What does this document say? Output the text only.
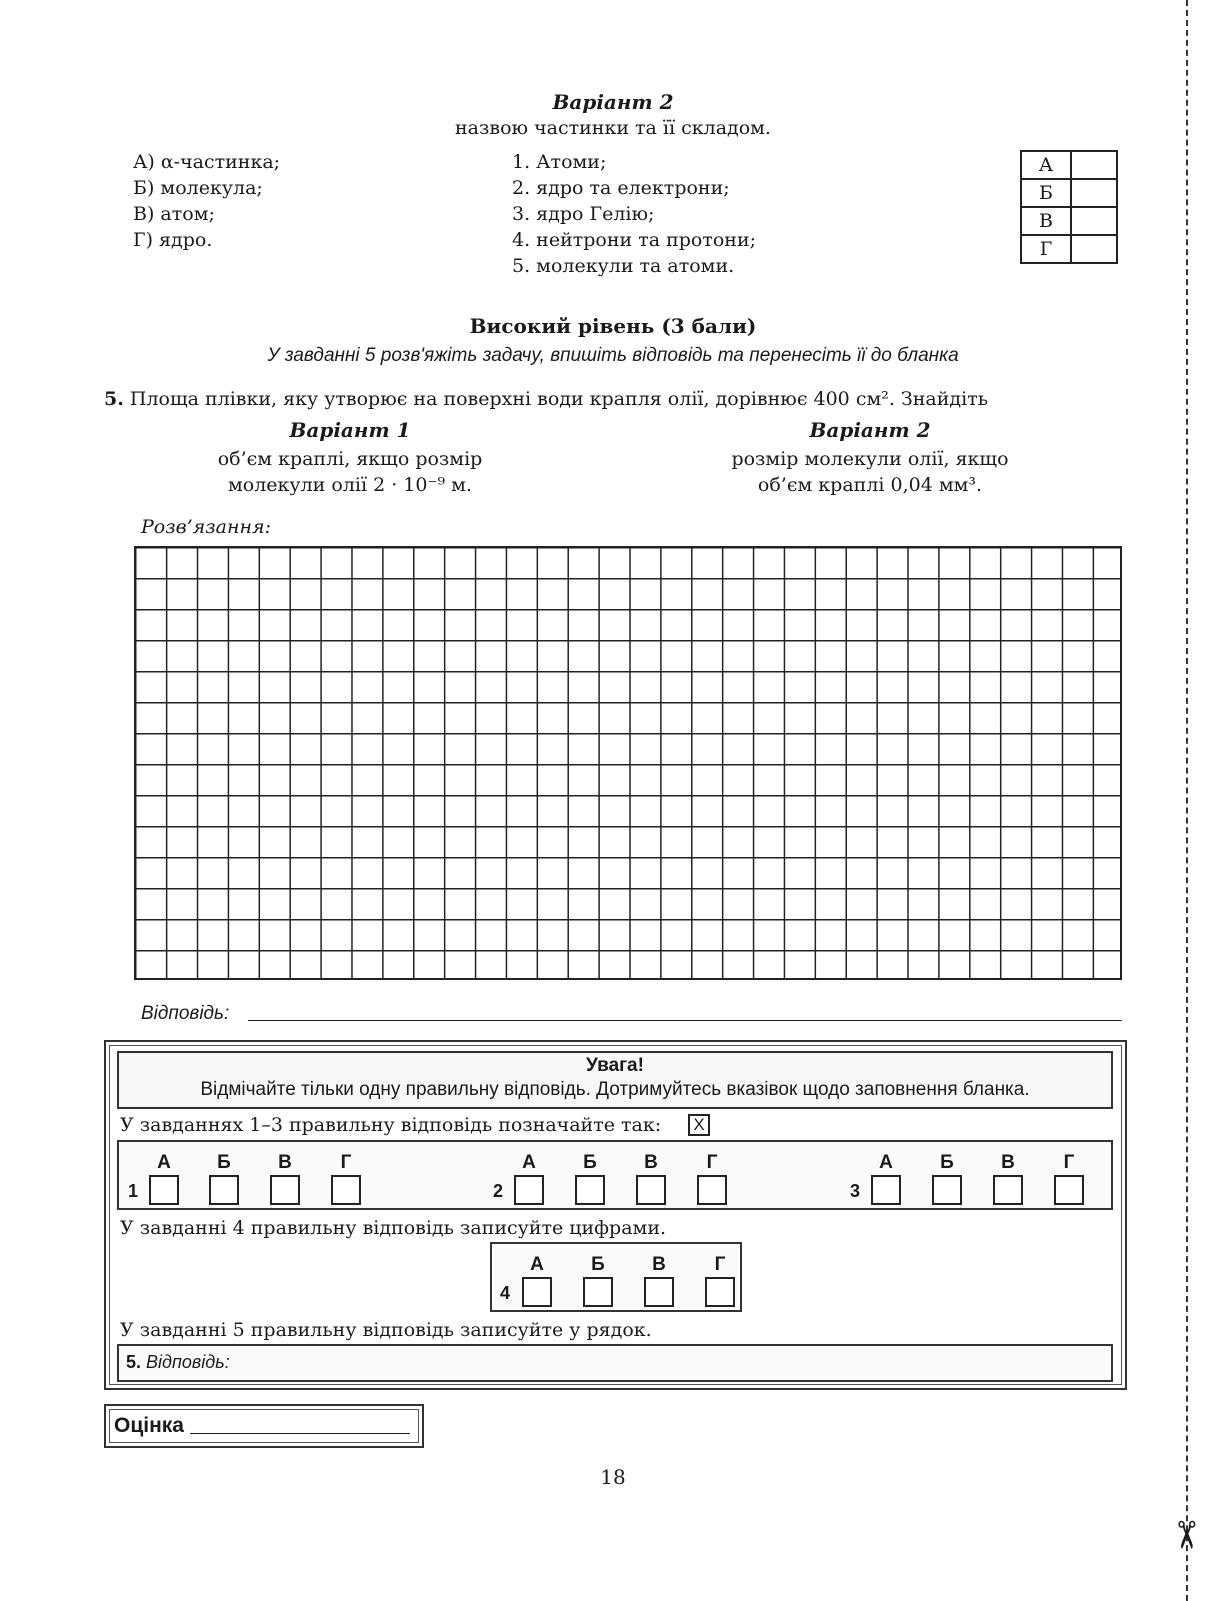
✂
Варіант 2
назвою частинки та її складом.
А) α-частинка;
Б) молекула;
В) атом;
Г) ядро.
1. Атоми;
2. ядро та електрони;
3. ядро Гелію;
4. нейтрони та протони;
5. молекули та атоми.
А	
Б	
В	
Г	
Високий рівень (3 бали)
У завданні 5 розв'яжіть задачу, впишіть відповідь та перенесіть її до бланка
5. Площа плівки, яку утворює на поверхні води крапля олії, дорівнює 400 см². Знайдіть
Варіант 1
об’єм краплі, якщо розмір
молекули олії 2 · 10⁻⁹ м.
Варіант 2
розмір молекули олії, якщо
об’єм краплі 0,04 мм³.
Розв’язання:
Відповідь:
Увага!
Відмічайте тільки одну правильну відповідь. Дотримуйтесь вказівок щодо заповнення бланка.
У завданнях 1–3 правильну відповідь позначайте так:	X
1
А	Б	В	Г
2
А	Б	В	Г
3
А	Б	В	Г
У завданні 4 правильну відповідь записуйте цифрами.
4
А	Б	В	Г
У завданні 5 правильну відповідь записуйте у рядок.
5. Відповідь:
Оцінка
18
